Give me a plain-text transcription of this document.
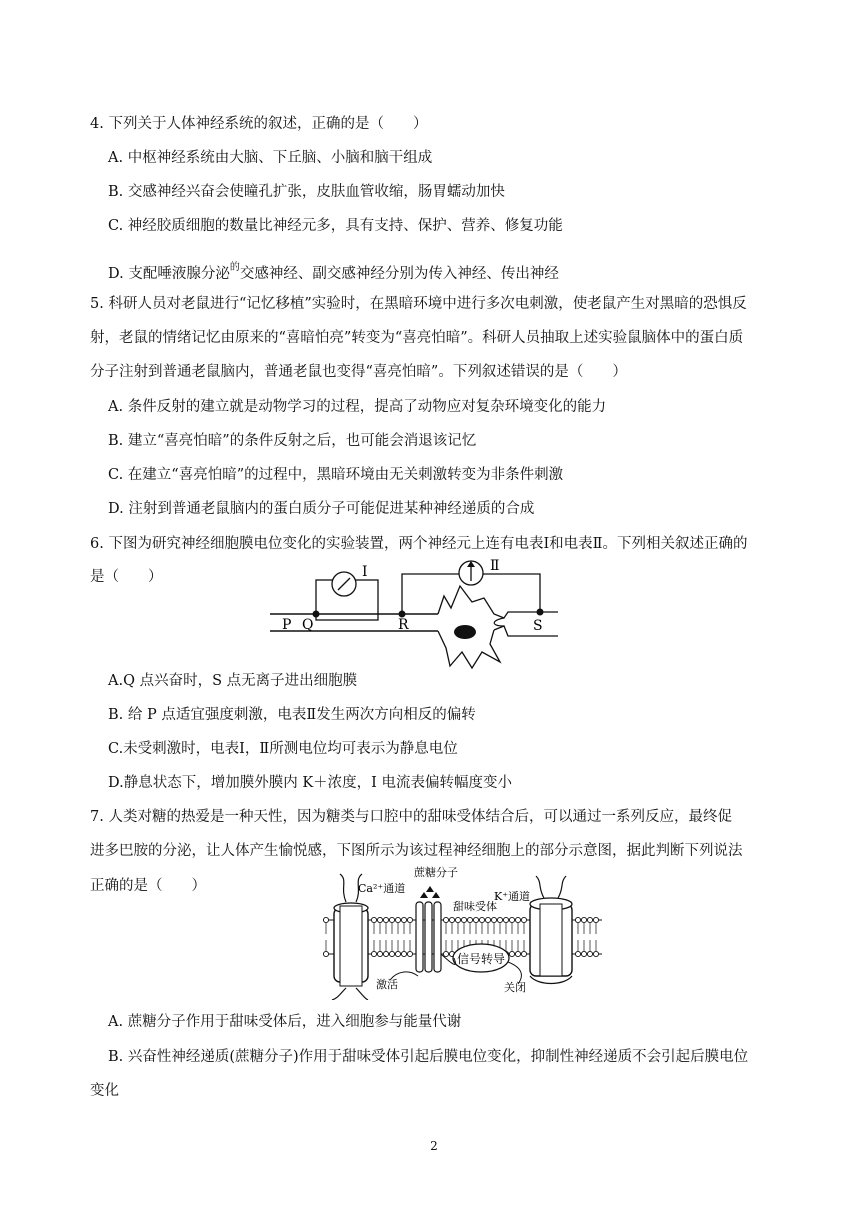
4. 下列关于人体神经系统的叙述，正确的是（　　）
A. 中枢神经系统由大脑、下丘脑、小脑和脑干组成
B. 交感神经兴奋会使瞳孔扩张，皮肤血管收缩，肠胃蠕动加快
C. 神经胶质细胞的数量比神经元多，具有支持、保护、营养、修复功能
D. 支配唾液腺分泌$^的$交感神经、副交感神经分别为传入神经、传出神经
5. 科研人员对老鼠进行“记忆移植”实验时，在黑暗环境中进行多次电刺激，使老鼠产生对黑暗的恐惧反
射，老鼠的情绪记忆由原来的“喜暗怕亮”转变为“喜亮怕暗”。科研人员抽取上述实验鼠脑体中的蛋白质
分子注射到普通老鼠脑内，普通老鼠也变得“喜亮怕暗”。下列叙述错误的是（　　）
A. 条件反射的建立就是动物学习的过程，提高了动物应对复杂环境变化的能力
B. 建立“喜亮怕暗”的条件反射之后，也可能会消退该记忆
C. 在建立“喜亮怕暗”的过程中，黑暗环境由无关刺激转变为非条件刺激
D. 注射到普通老鼠脑内的蛋白质分子可能促进某种神经递质的合成
6. 下图为研究神经细胞膜电位变化的实验装置，两个神经元上连有电表Ⅰ和电表Ⅱ。下列相关叙述正确的
是（　　）	I	Ⅱ
P Q	R	S
A.Q 点兴奋时，S 点无离子进出细胞膜
B. 给 P 点适宜强度刺激，电表Ⅱ发生两次方向相反的偏转
C.未受刺激时，电表Ⅰ，Ⅱ所测电位均可表示为静息电位
D.静息状态下，增加膜外膜内 K＋浓度，I 电流表偏转幅度变小
7. 人类对糖的热爱是一种天性，因为糖类与口腔中的甜味受体结合后，可以通过一系列反应，最终促
进多巴胺的分泌，让人体产生愉悦感，下图所示为该过程神经细胞上的部分示意图，据此判断下列说法
正确的是（　　）
信号转导
蔗糖分子
Ca²⁺通道
K⁺通道
甜味受体
激活	关闭
A. 蔗糖分子作用于甜味受体后，进入细胞参与能量代谢
B. 兴奋性神经递质(蔗糖分子)作用于甜味受体引起后膜电位变化，抑制性神经递质不会引起后膜电位
变化
2
